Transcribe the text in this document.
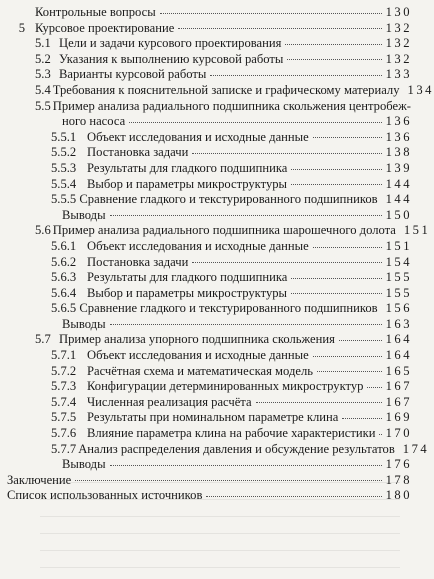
Контрольные вопросы	130
5 Курсовое проектирование	132
5.1 Цели и задачи курсового проектирования	132
5.2 Указания к выполнению курсовой работы	132
5.3 Варианты курсовой работы	133
5.4 Требования к пояснительной записке и графическому материалу 134
5.5 Пример анализа радиального подшипника скольжения центробеж-
ного насоса	136
5.5.1 Объект исследования и исходные данные	136
5.5.2 Постановка задачи	138
5.5.3 Результаты для гладкого подшипника	139
5.5.4 Выбор и параметры микроструктуры	144
5.5.5 Сравнение гладкого и текстурированного подшипников 144
Выводы	150
5.6 Пример анализа радиального подшипника шарошечного долота 151
5.6.1 Объект исследования и исходные данные	151
5.6.2 Постановка задачи	154
5.6.3 Результаты для гладкого подшипника	155
5.6.4 Выбор и параметры микроструктуры	155
5.6.5 Сравнение гладкого и текстурированного подшипников 156
Выводы	163
5.7 Пример анализа упорного подшипника скольжения	164
5.7.1 Объект исследования и исходные данные	164
5.7.2 Расчётная схема и математическая модель	165
5.7.3 Конфигурации детерминированных микроструктур 167
5.7.4 Численная реализация расчёта	167
5.7.5 Результаты при номинальном параметре клина	169
5.7.6 Влияние параметра клина на рабочие характеристики 170
5.7.7 Анализ распределения давления и обсуждение результатов 174
Выводы	176
Заключение	178
Список использованных источников	180
